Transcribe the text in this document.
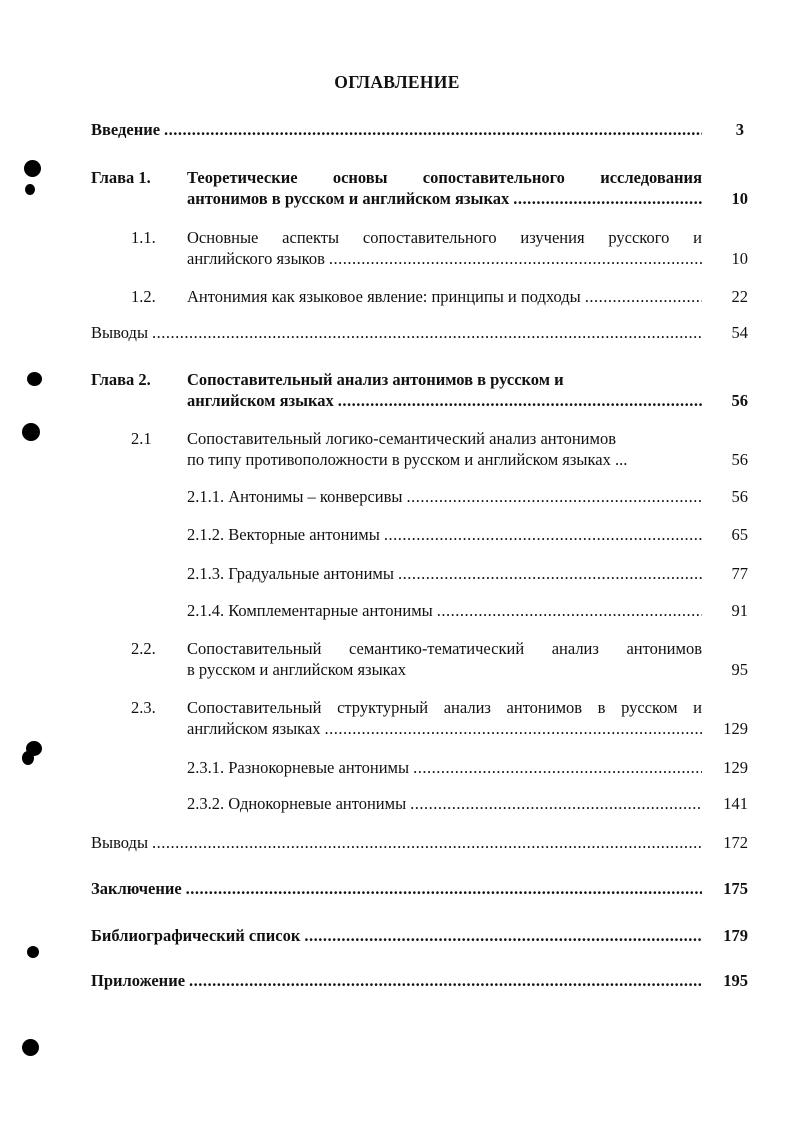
ОГЛАВЛЕНИЕ
Введение .....	3
Глава 1. Теоретические основы сопоставительного исследования
антонимов в русском и английском языках .....	10
1.1. Основные аспекты сопоставительного изучения русского и
английского языков .....	10
1.2. Антонимия как языковое явление: принципы и подходы .....	22
Выводы .....	54
Глава 2. Сопоставительный анализ антонимов в русском и
английском языках .....	56
2.1 Сопоставительный логико-семантический анализ антонимов
по типу противоположности в русском и английском языках ...	56
2.1.1. Антонимы – конверсивы .....	56
2.1.2. Векторные антонимы .....	65
2.1.3. Градуальные антонимы .....	77
2.1.4. Комплементарные антонимы .....	91
2.2. Сопоставительный семантико-тематический анализ антонимов
в русском и английском языках	95
2.3. Сопоставительный структурный анализ антонимов в русском и
английском языках .....	129
2.3.1. Разнокорневые антонимы .....	129
2.3.2. Однокорневые антонимы .....	141
Выводы .....	172
Заключение .....	175
Библиографический список .....	179
Приложение .....	195
